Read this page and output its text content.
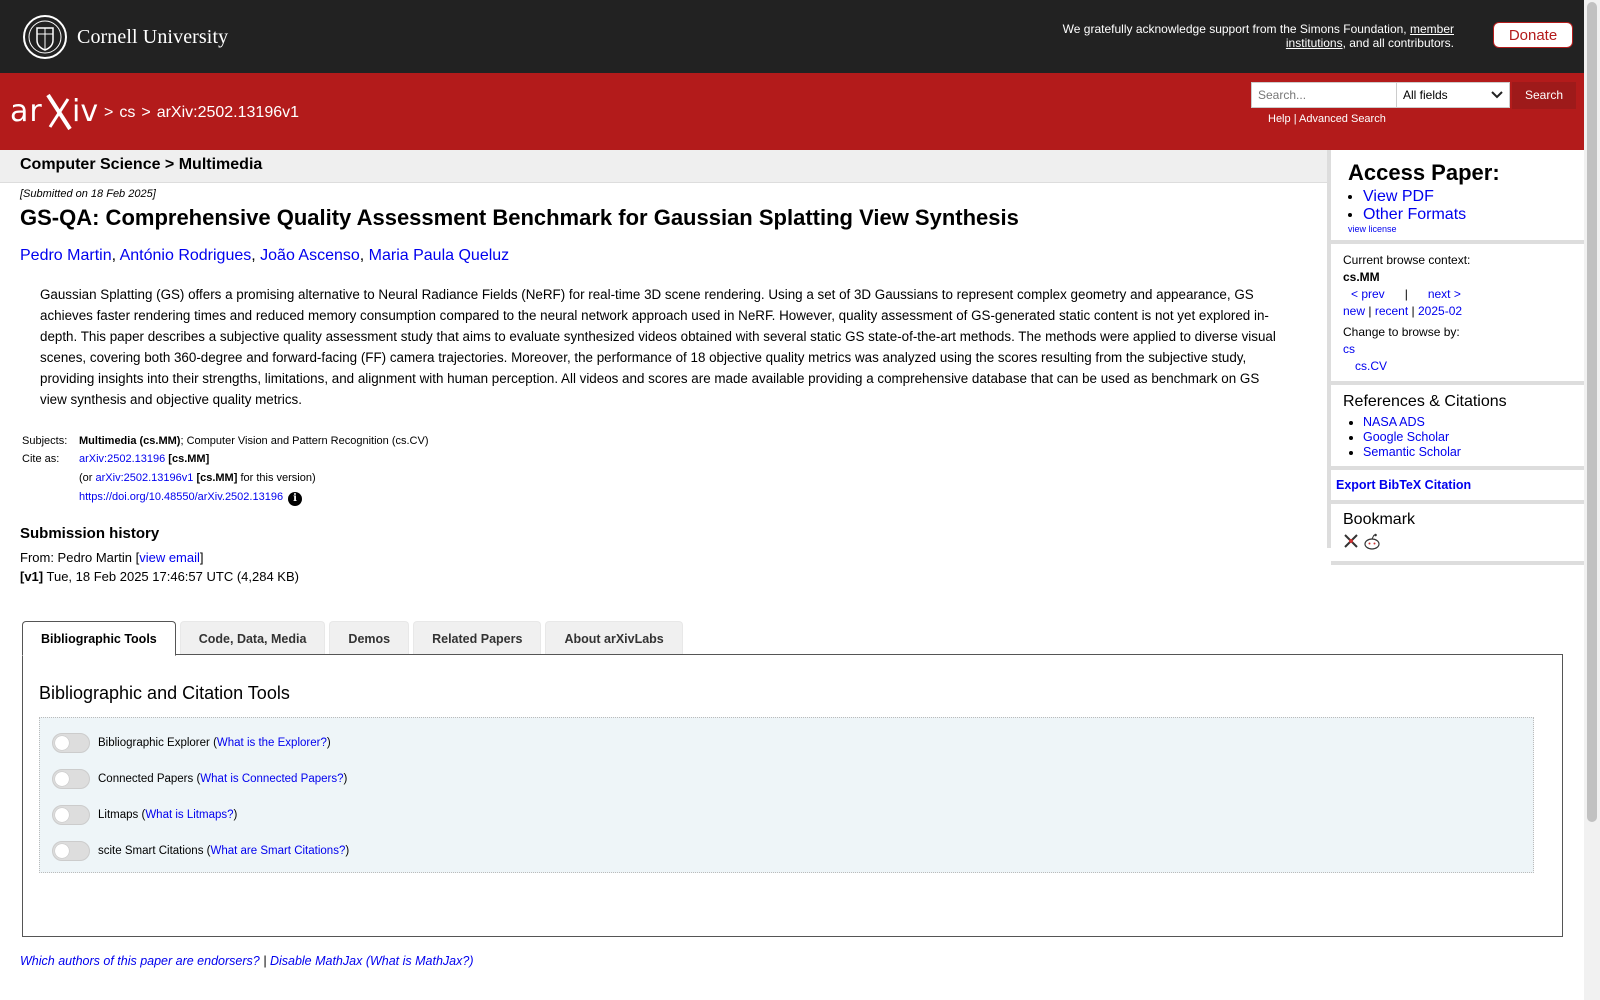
Cornell University	We gratefully acknowledge support from the Simons Foundation, member institutions, and all contributors.	Donate
ar iv > cs > arXiv:2502.13196v1
Search...	All fields	Search
Help | Advanced Search
Computer Science > Multimedia
[Submitted on 18 Feb 2025]
GS-QA: Comprehensive Quality Assessment Benchmark for Gaussian Splatting View Synthesis
Pedro Martin, António Rodrigues, João Ascenso, Maria Paula Queluz
Gaussian Splatting (GS) offers a promising alternative to Neural Radiance Fields (NeRF) for real-time 3D scene rendering. Using a set of 3D Gaussians to represent complex geometry and appearance, GS achieves faster rendering times and reduced memory consumption compared to the neural network approach used in NeRF. However, quality assessment of GS-generated static content is not yet explored in-depth. This paper describes a subjective quality assessment study that aims to evaluate synthesized videos obtained with several static GS state-of-the-art methods. The methods were applied to diverse visual scenes, covering both 360-degree and forward-facing (FF) camera trajectories. Moreover, the performance of 18 objective quality metrics was analyzed using the scores resulting from the subjective study, providing insights into their strengths, limitations, and alignment with human perception. All videos and scores are made available providing a comprehensive database that can be used as benchmark on GS view synthesis and objective quality metrics.
Subjects:	Multimedia (cs.MM); Computer Vision and Pattern Recognition (cs.CV)
Cite as:	arXiv:2502.13196 [cs.MM]
(or arXiv:2502.13196v1 [cs.MM] for this version)
https://doi.org/10.48550/arXiv.2502.13196 i
Submission history
From: Pedro Martin [view email]
[v1] Tue, 18 Feb 2025 17:46:57 UTC (4,284 KB)
Access Paper:
• View PDF
• Other Formats
view license
Current browse context:
cs.MM
< prev | next >
new | recent | 2025-02
Change to browse by:
cs
cs.CV
References & Citations
• NASA ADS
• Google Scholar
• Semantic Scholar
Export BibTeX Citation
Bookmark
Bibliographic Tools	Code, Data, Media	Demos	Related Papers	About arXivLabs
Bibliographic and Citation Tools
Bibliographic Explorer ( What is the Explorer? )
Connected Papers ( What is Connected Papers? )
Litmaps ( What is Litmaps? )
scite Smart Citations ( What are Smart Citations? )
Which authors of this paper are endorsers? | Disable MathJax (What is MathJax?)
